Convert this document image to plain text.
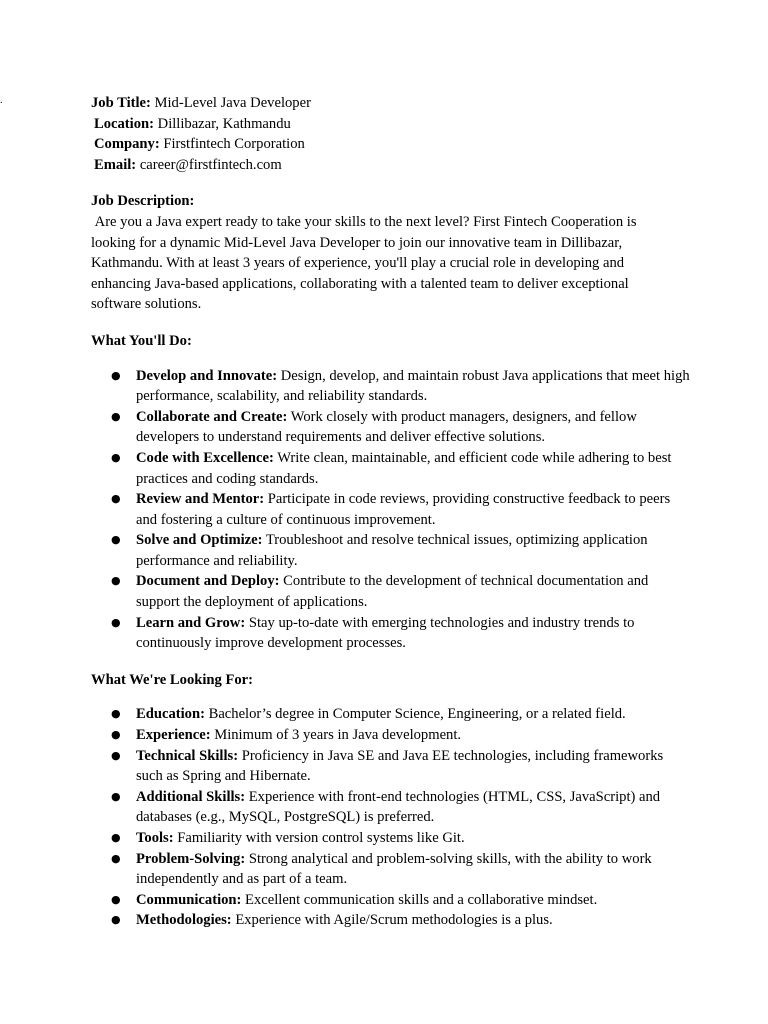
.	Job Title: Mid-Level Java Developer

Location: Dillibazar, Kathmandu

Company: Firstfintech Corporation

Email: career@firstfintech.com

Job Description:

Are you a Java expert ready to take your skills to the next level? First Fintech Cooperation is looking for a dynamic Mid-Level Java Developer to join our innovative team in Dillibazar, Kathmandu. With at least 3 years of experience, you'll play a crucial role in developing and enhancing Java-based applications, collaborating with a talented team to deliver exceptional software solutions.

What You'll Do:

● Develop and Innovate: Design, develop, and maintain robust Java applications that meet high performance, scalability, and reliability standards.
● Collaborate and Create: Work closely with product managers, designers, and fellow developers to understand requirements and deliver effective solutions.
● Code with Excellence: Write clean, maintainable, and efficient code while adhering to best practices and coding standards.
● Review and Mentor: Participate in code reviews, providing constructive feedback to peers and fostering a culture of continuous improvement.
● Solve and Optimize: Troubleshoot and resolve technical issues, optimizing application performance and reliability.
● Document and Deploy: Contribute to the development of technical documentation and support the deployment of applications.
● Learn and Grow: Stay up-to-date with emerging technologies and industry trends to continuously improve development processes.

What We're Looking For:

● Education: Bachelor’s degree in Computer Science, Engineering, or a related field.
● Experience: Minimum of 3 years in Java development.
● Technical Skills: Proficiency in Java SE and Java EE technologies, including frameworks such as Spring and Hibernate.
● Additional Skills: Experience with front-end technologies (HTML, CSS, JavaScript) and databases (e.g., MySQL, PostgreSQL) is preferred.
● Tools: Familiarity with version control systems like Git.
● Problem-Solving: Strong analytical and problem-solving skills, with the ability to work independently and as part of a team.
● Communication: Excellent communication skills and a collaborative mindset.
● Methodologies: Experience with Agile/Scrum methodologies is a plus.
